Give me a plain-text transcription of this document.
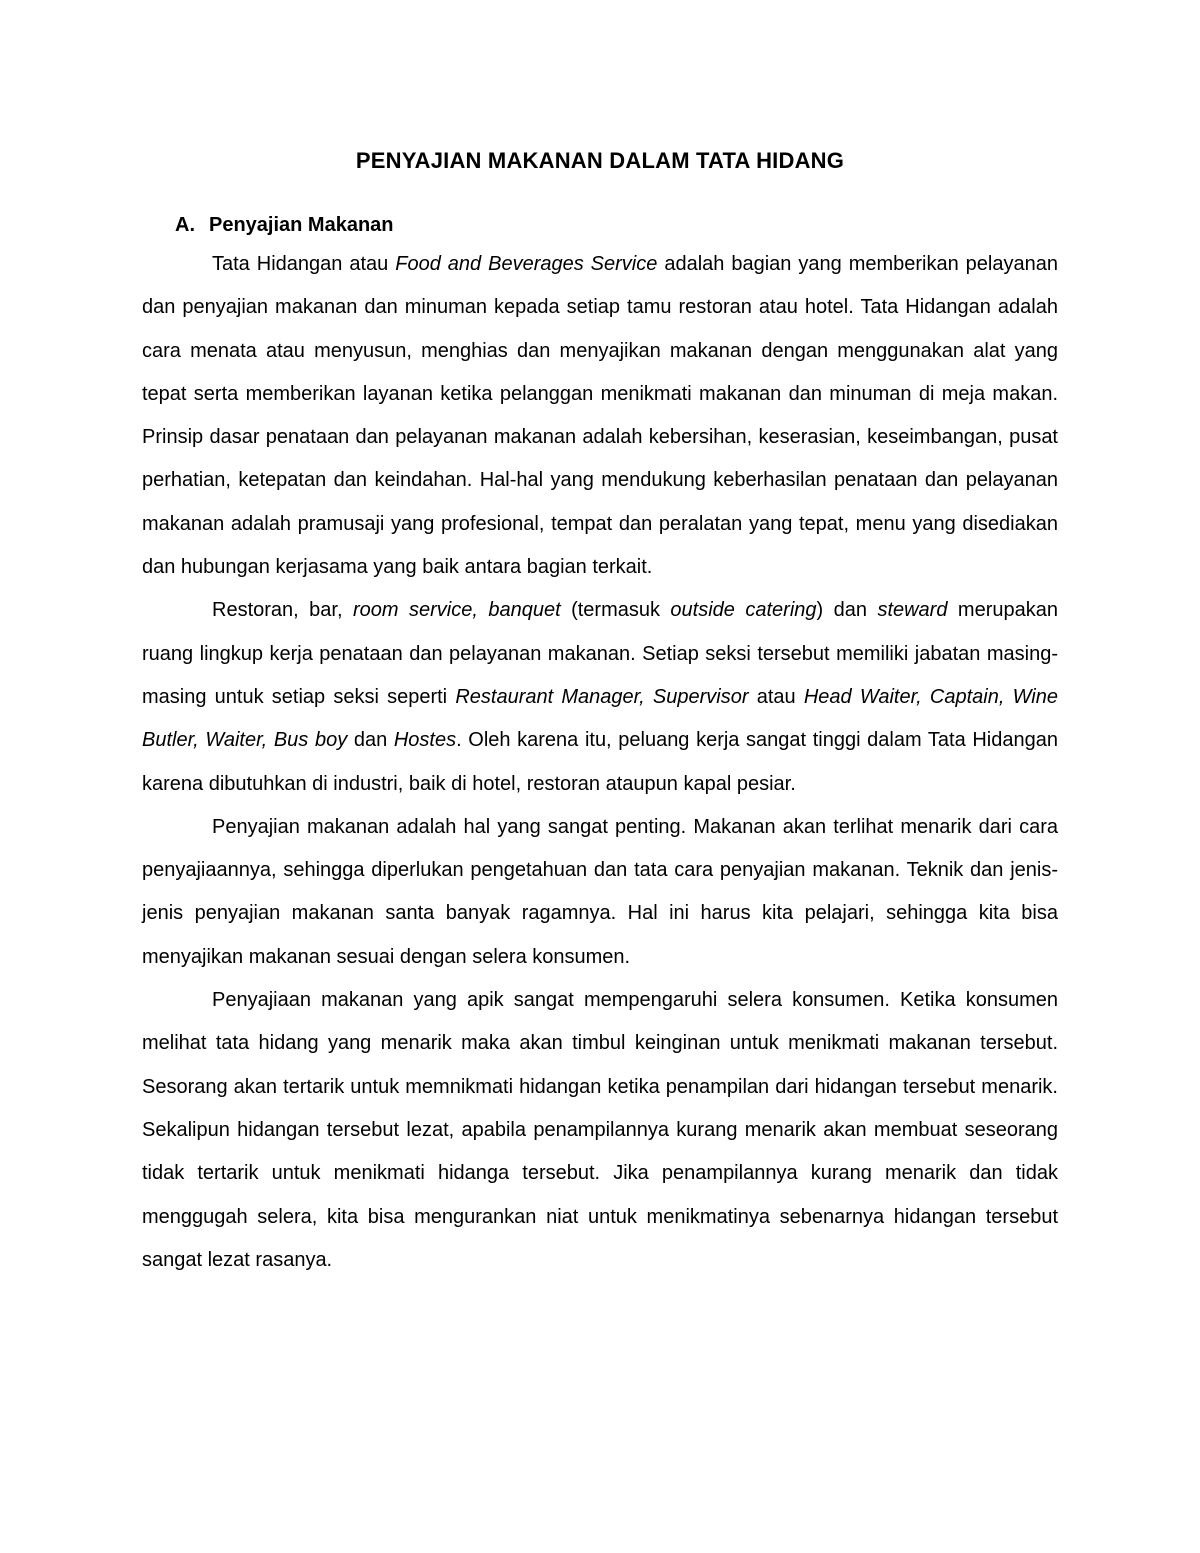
PENYAJIAN MAKANAN DALAM TATA HIDANG
A. Penyajian Makanan

Tata Hidangan atau Food and Beverages Service adalah bagian yang memberikan pelayanan dan penyajian makanan dan minuman kepada setiap tamu restoran atau hotel. Tata Hidangan adalah cara menata atau menyusun, menghias dan menyajikan makanan dengan menggunakan alat yang tepat serta memberikan layanan ketika pelanggan menikmati makanan dan minuman di meja makan. Prinsip dasar penataan dan pelayanan makanan adalah kebersihan, keserasian, keseimbangan, pusat perhatian, ketepatan dan keindahan. Hal-hal yang mendukung keberhasilan penataan dan pelayanan makanan adalah pramusaji yang profesional, tempat dan peralatan yang tepat, menu yang disediakan dan hubungan kerjasama yang baik antara bagian terkait.

Restoran, bar, room service, banquet (termasuk outside catering) dan steward merupakan ruang lingkup kerja penataan dan pelayanan makanan. Setiap seksi tersebut memiliki jabatan masing-masing untuk setiap seksi seperti Restaurant Manager, Supervisor atau Head Waiter, Captain, Wine Butler, Waiter, Bus boy dan Hostes. Oleh karena itu, peluang kerja sangat tinggi dalam Tata Hidangan karena dibutuhkan di industri, baik di hotel, restoran ataupun kapal pesiar.

Penyajian makanan adalah hal yang sangat penting. Makanan akan terlihat menarik dari cara penyajiaannya, sehingga diperlukan pengetahuan dan tata cara penyajian makanan. Teknik dan jenis-jenis penyajian makanan santa banyak ragamnya. Hal ini harus kita pelajari, sehingga kita bisa menyajikan makanan sesuai dengan selera konsumen.

Penyajiaan makanan yang apik sangat mempengaruhi selera konsumen. Ketika konsumen melihat tata hidang yang menarik maka akan timbul keinginan untuk menikmati makanan tersebut. Sesorang akan tertarik untuk memnikmati hidangan ketika penampilan dari hidangan tersebut menarik. Sekalipun hidangan tersebut lezat, apabila penampilannya kurang menarik akan membuat seseorang tidak tertarik untuk menikmati hidanga tersebut. Jika penampilannya kurang menarik dan tidak menggugah selera, kita bisa mengurankan niat untuk menikmatinya sebenarnya hidangan tersebut sangat lezat rasanya.
